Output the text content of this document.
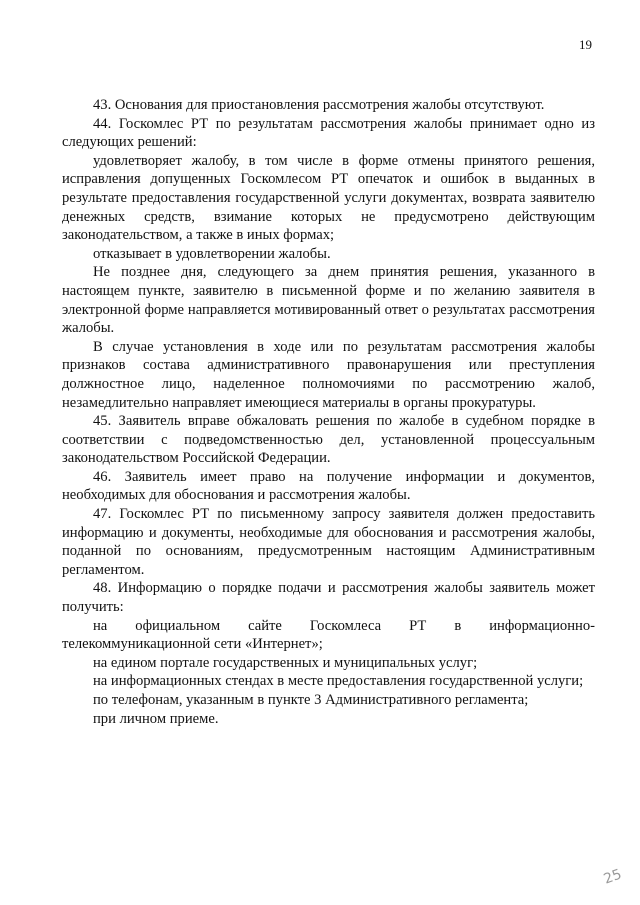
19

43. Основания для приостановления рассмотрения жалобы отсутствуют.

44. Госкомлес РТ по результатам рассмотрения жалобы принимает одно из следующих решений:

удовлетворяет жалобу, в том числе в форме отмены принятого решения, исправления допущенных Госкомлесом РТ опечаток и ошибок в выданных в результате предоставления государственной услуги документах, возврата заявителю денежных средств, взимание которых не предусмотрено действующим законодательством, а также в иных формах;

отказывает в удовлетворении жалобы.

Не позднее дня, следующего за днем принятия решения, указанного в настоящем пункте, заявителю в письменной форме и по желанию заявителя в электронной форме направляется мотивированный ответ о результатах рассмотрения жалобы.

В случае установления в ходе или по результатам рассмотрения жалобы признаков состава административного правонарушения или преступления должностное лицо, наделенное полномочиями по рассмотрению жалоб, незамедлительно направляет имеющиеся материалы в органы прокуратуры.

45. Заявитель вправе обжаловать решения по жалобе в судебном порядке в соответствии с подведомственностью дел, установленной процессуальным законодательством Российской Федерации.

46. Заявитель имеет право на получение информации и документов, необходимых для обоснования и рассмотрения жалобы.

47. Госкомлес РТ по письменному запросу заявителя должен предоставить информацию и документы, необходимые для обоснования и рассмотрения жалобы, поданной по основаниям, предусмотренным настоящим Административным регламентом.

48. Информацию о порядке подачи и рассмотрения жалобы заявитель может получить:

на официальном сайте Госкомлеса РТ в информационно-телекоммуникационной сети «Интернет»;

на едином портале государственных и муниципальных услуг;

на информационных стендах в месте предоставления государственной услуги;

по телефонам, указанным в пункте 3 Административного регламента;

при личном приеме.

25
